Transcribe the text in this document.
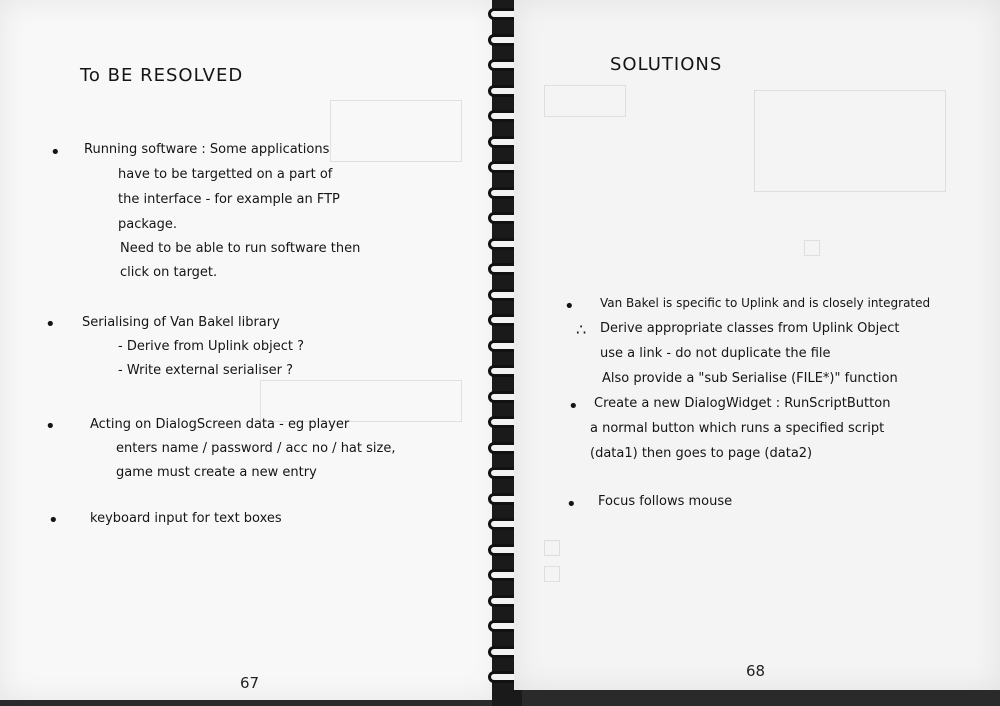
To BE RESOLVED
• Running software : Some applications
have to be targetted on a part of
the interface - for example an FTP
package.
Need to be able to run software then
click on target.
• Serialising of Van Bakel library
- Derive from Uplink object ?
- Write external serialiser ?
•	Acting on DialogScreen data - eg player
enters name / password / acc no / hat size,
game must create a new entry
• keyboard input for text boxes
67
SOLUTIONS
• Van Bakel is specific to Uplink and is closely integrated
∴ Derive appropriate classes from Uplink Object
use a link - do not duplicate the file
Also provide a "sub Serialise (FILE*)" function
• Create a new DialogWidget : RunScriptButton
a normal button which runs a specified script
(data1) then goes to page (data2)
• Focus follows mouse
68
